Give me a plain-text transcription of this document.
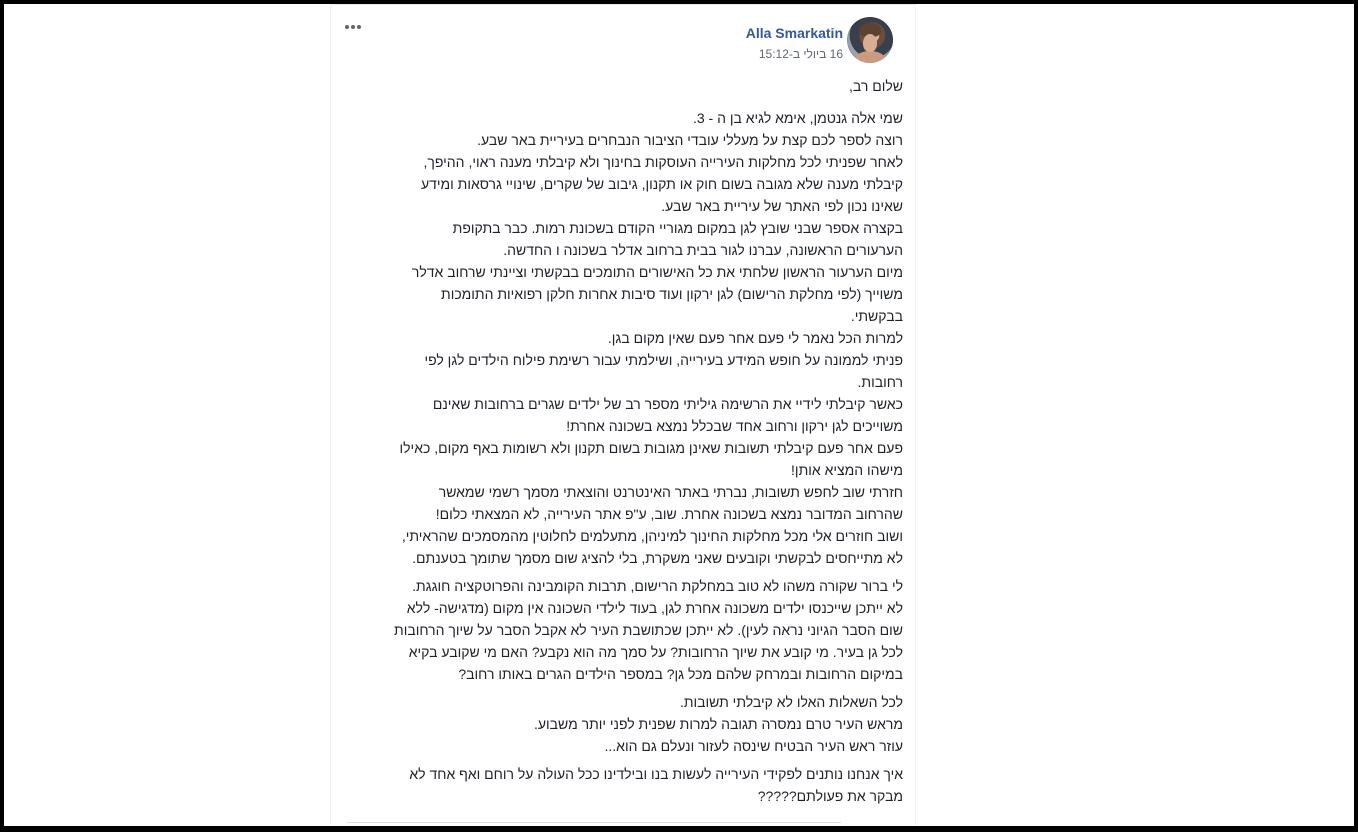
Alla Smarkatin
16 ביולי ב-15:12

שלום רב,

שמי אלה גנטמן, אימא לגיא בן ה - 3.

רוצה לספר לכם קצת על מעללי עובדי הציבור הנבחרים בעיריית באר שבע.

לאחר שפניתי לכל מחלקות העירייה העוסקות בחינוך ולא קיבלתי מענה ראוי, ההיפך,

קיבלתי מענה שלא מגובה בשום חוק או תקנון, גיבוב של שקרים, שינויי גרסאות ומידע

שאינו נכון לפי האתר של עיריית באר שבע.

בקצרה אספר שבני שובץ לגן במקום מגוריי הקודם בשכונת רמות. כבר בתקופת

הערעורים הראשונה, עברנו לגור בבית ברחוב אדלר בשכונה ו החדשה.

מיום הערעור הראשון שלחתי את כל האישורים התומכים בבקשתי וציינתי שרחוב אדלר

משוייך (לפי מחלקת הרישום) לגן ירקון ועוד סיבות אחרות חלקן רפואיות התומכות

בבקשתי.

למרות הכל נאמר לי פעם אחר פעם שאין מקום בגן.

פניתי לממונה על חופש המידע בעירייה, ושילמתי עבור רשימת פילוח הילדים לגן לפי

רחובות.

כאשר קיבלתי לידיי את הרשימה גיליתי מספר רב של ילדים שגרים ברחובות שאינם

משוייכים לגן ירקון ורחוב אחד שבכלל נמצא בשכונה אחרת!

פעם אחר פעם קיבלתי תשובות שאינן מגובות בשום תקנון ולא רשומות באף מקום, כאילו

מישהו המציא אותן!

חזרתי שוב לחפש תשובות, נברתי באתר האינטרנט והוצאתי מסמך רשמי שמאשר

שהרחוב המדובר נמצא בשכונה אחרת. שוב, ע"פ אתר העירייה, לא המצאתי כלום!

ושוב חוזרים אלי מכל מחלקות החינוך למיניהן, מתעלמים לחלוטין מהמסמכים שהראיתי,

לא מתייחסים לבקשתי וקובעים שאני משקרת, בלי להציג שום מסמך שתומך בטענתם.

לי ברור שקורה משהו לא טוב במחלקת הרישום, תרבות הקומבינה והפרוטקציה חוגגת.

לא ייתכן שייכנסו ילדים משכונה אחרת לגן, בעוד לילדי השכונה אין מקום (מדגישה- ללא

שום הסבר הגיוני נראה לעין). לא ייתכן שכתושבת העיר לא אקבל הסבר על שיוך הרחובות

לכל גן בעיר. מי קובע את שיוך הרחובות? על סמך מה הוא נקבע? האם מי שקובע בקיא

במיקום הרחובות ובמרחק שלהם מכל גן? במספר הילדים הגרים באותו רחוב?

לכל השאלות האלו לא קיבלתי תשובות.

מראש העיר טרם נמסרה תגובה למרות שפנית לפני יותר משבוע.

עוזר ראש העיר הבטיח שינסה לעזור ונעלם גם הוא...

איך אנחנו נותנים לפקידי העירייה לעשות בנו ובילדינו ככל העולה על רוחם ואף אחד לא

מבקר את פעולתם?????
